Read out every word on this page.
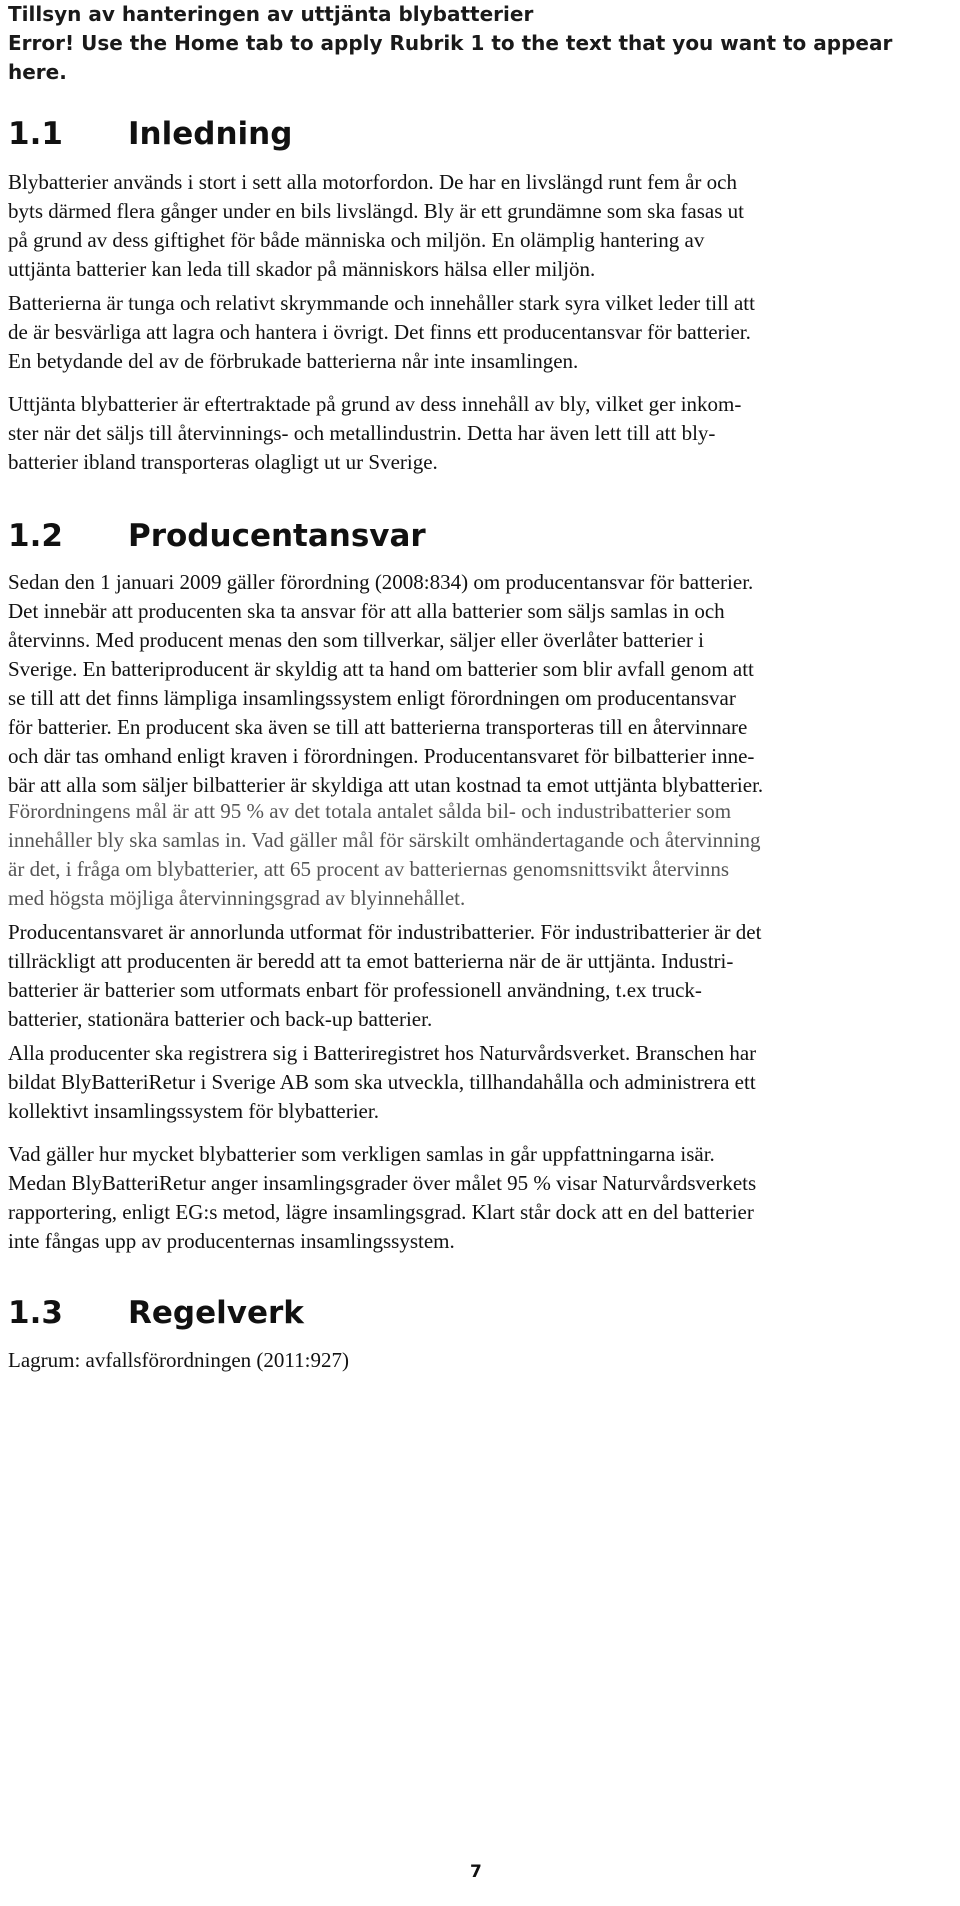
Tillsyn av hanteringen av uttjänta blybatterier
Error! Use the Home tab to apply Rubrik 1 to the text that you want to appear here.
1.1 Inledning

Blybatterier används i stort i sett alla motorfordon. De har en livslängd runt fem år och
byts därmed flera gånger under en bils livslängd. Bly är ett grundämne som ska fasas ut
på grund av dess giftighet för både människa och miljön. En olämplig hantering av
uttjänta batterier kan leda till skador på människors hälsa eller miljön.

Batterierna är tunga och relativt skrymmande och innehåller stark syra vilket leder till att
de är besvärliga att lagra och hantera i övrigt. Det finns ett producentansvar för batterier.
En betydande del av de förbrukade batterierna når inte insamlingen.

Uttjänta blybatterier är eftertraktade på grund av dess innehåll av bly, vilket ger inkom-
ster när det säljs till återvinnings- och metallindustrin. Detta har även lett till att bly-
batterier ibland transporteras olagligt ut ur Sverige.

1.2 Producentansvar

Sedan den 1 januari 2009 gäller förordning (2008:834) om producentansvar för batterier.
Det innebär att producenten ska ta ansvar för att alla batterier som säljs samlas in och
återvinns. Med producent menas den som tillverkar, säljer eller överlåter batterier i
Sverige. En batteriproducent är skyldig att ta hand om batterier som blir avfall genom att
se till att det finns lämpliga insamlingssystem enligt förordningen om producentansvar
för batterier. En producent ska även se till att batterierna transporteras till en återvinnare
och där tas omhand enligt kraven i förordningen. Producentansvaret för bilbatterier inne-
bär att alla som säljer bilbatterier är skyldiga att utan kostnad ta emot uttjänta blybatterier.

Förordningens mål är att 95 % av det totala antalet sålda bil- och industribatterier som
innehåller bly ska samlas in. Vad gäller mål för särskilt omhändertagande och återvinning
är det, i fråga om blybatterier, att 65 procent av batteriernas genomsnittsvikt återvinns
med högsta möjliga återvinningsgrad av blyinnehållet.

Producentansvaret är annorlunda utformat för industribatterier. För industribatterier är det
tillräckligt att producenten är beredd att ta emot batterierna när de är uttjänta. Industri-
batterier är batterier som utformats enbart för professionell användning, t.ex truck-
batterier, stationära batterier och back-up batterier.

Alla producenter ska registrera sig i Batteriregistret hos Naturvårdsverket. Branschen har
bildat BlyBatteriRetur i Sverige AB som ska utveckla, tillhandahålla och administrera ett
kollektivt insamlingssystem för blybatterier.

Vad gäller hur mycket blybatterier som verkligen samlas in går uppfattningarna isär.
Medan BlyBatteriRetur anger insamlingsgrader över målet 95 % visar Naturvårdsverkets
rapportering, enligt EG:s metod, lägre insamlingsgrad. Klart står dock att en del batterier
inte fångas upp av producenternas insamlingssystem.

1.3 Regelverk

Lagrum: avfallsförordningen (2011:927)

7
